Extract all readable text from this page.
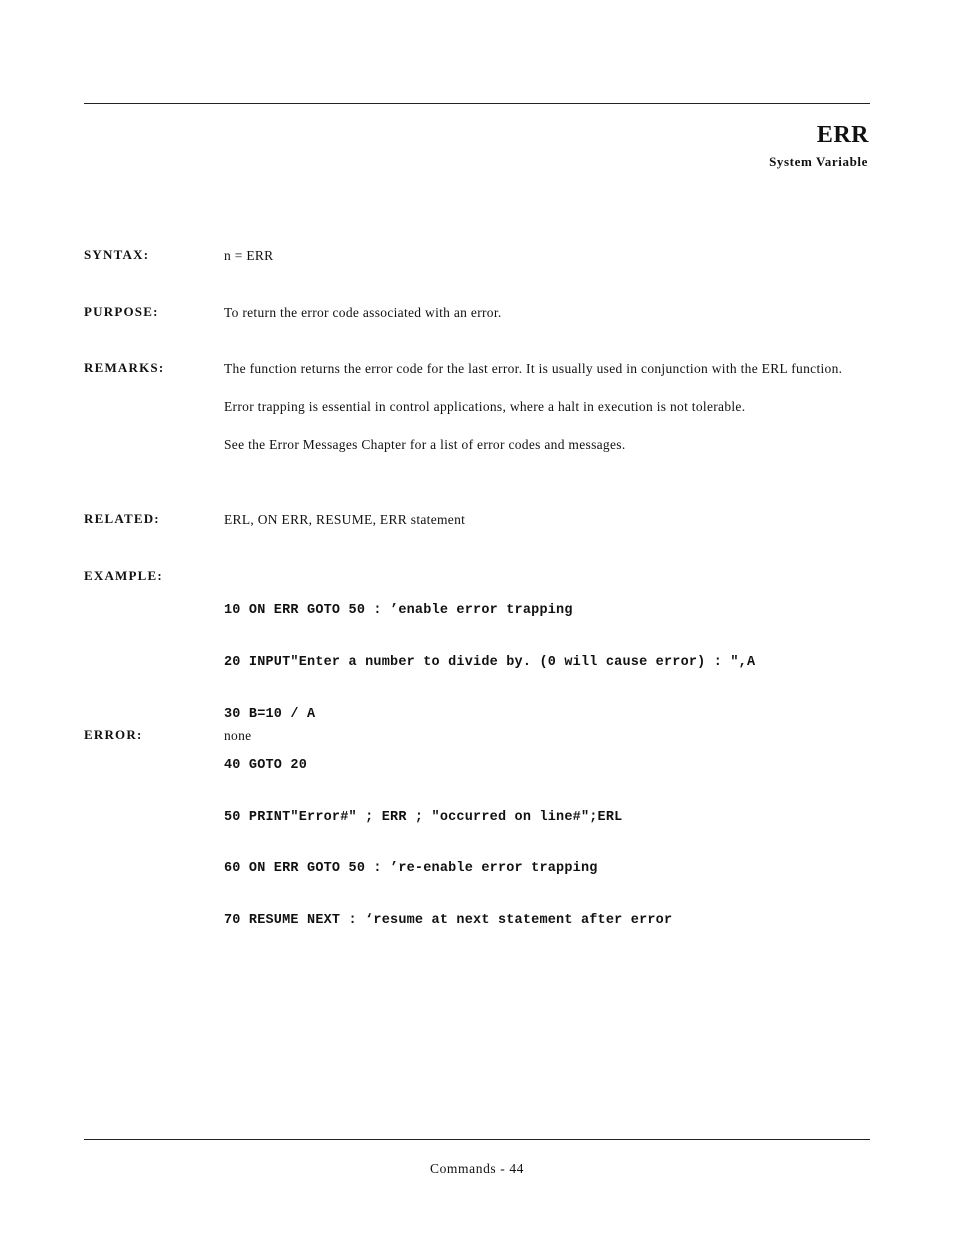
ERR
System Variable
SYNTAX:	n = ERR
PURPOSE:	To return the error code associated with an error.
REMARKS:	The function returns the error code for the last error. It is usually used in conjunction with the ERL function.

Error trapping is essential in control applications, where a halt in execution is not tolerable.

See the Error Messages Chapter for a list of error codes and messages.

RELATED:	ERL, ON ERR, RESUME, ERR statement
EXAMPLE:

10 ON ERR GOTO 50 : ’enable error trapping

20 INPUT"Enter a number to divide by. (0 will cause error) : ",A

30 B=10 / A

40 GOTO 20

50 PRINT"Error#" ; ERR ; "occurred on line#";ERL

60 ON ERR GOTO 50 : ’re-enable error trapping

70 RESUME NEXT : ‘resume at next statement after error

ERROR:	none
Commands - 44
